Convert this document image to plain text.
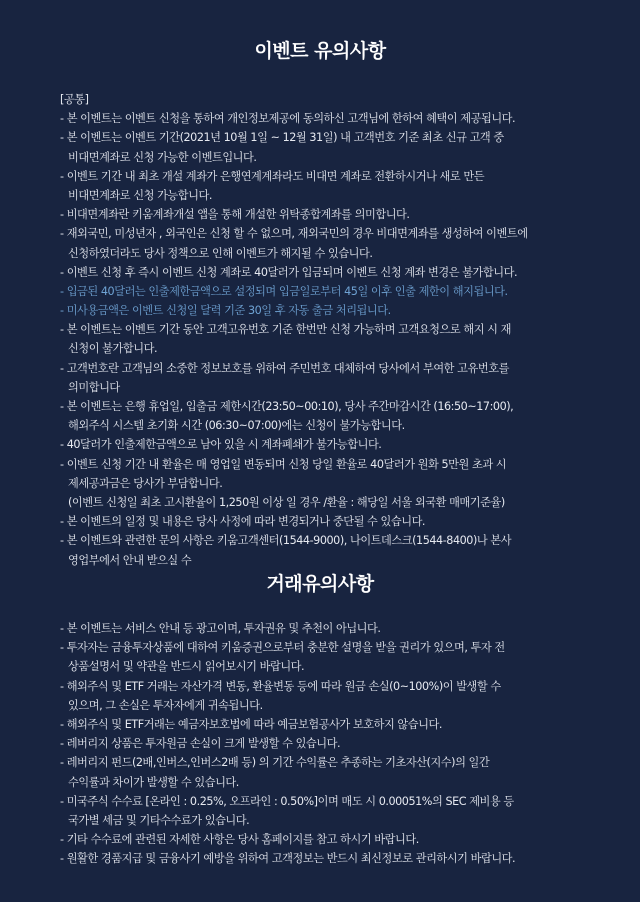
이벤트 유의사항
[공통]
- 본 이벤트는 이벤트 신청을 통하여 개인정보제공에 동의하신 고객님에 한하여 혜택이 제공됩니다.
- 본 이벤트는 이벤트 기간(2021년 10월 1일 ~ 12월 31일) 내 고객번호 기준 최초 신규 고객 중
비대면계좌로 신청 가능한 이벤트입니다.
- 이벤트 기간 내 최초 개설 계좌가 은행연계계좌라도 비대면 계좌로 전환하시거나 새로 만든
비대면계좌로 신청 가능합니다.
- 비대면계좌란 키움계좌개설 앱을 통해 개설한 위탁종합계좌를 의미합니다.
- 재외국민, 미성년자 , 외국인은 신청 할 수 없으며, 재외국민의 경우 비대면계좌를 생성하여 이벤트에
신청하였더라도 당사 정책으로 인해 이벤트가 해지될 수 있습니다.
- 이벤트 신청 후 즉시 이벤트 신청 계좌로 40달러가 입금되며 이벤트 신청 계좌 변경은 불가합니다.
- 입금된 40달러는 인출제한금액으로 설정되며 입금일로부터 45일 이후 인출 제한이 해지됩니다.
- 미사용금액은 이벤트 신청일 달력 기준 30일 후 자동 출금 처리됩니다.
- 본 이벤트는 이벤트 기간 동안 고객고유번호 기준 한번만 신청 가능하며 고객요청으로 해지 시 재
신청이 불가합니다.
- 고객번호란 고객님의 소중한 정보보호를 위하여 주민번호 대체하여 당사에서 부여한 고유번호를
의미합니다
- 본 이벤트는 은행 휴업일, 입출금 제한시간(23:50~00:10), 당사 주간마감시간 (16:50~17:00),
해외주식 시스템 초기화 시간 (06:30~07:00)에는 신청이 불가능합니다.
- 40달러가 인출제한금액으로 남아 있을 시 계좌폐쇄가 불가능합니다.
- 이벤트 신청 기간 내 환율은 매 영업일 변동되며 신청 당일 환율로 40달러가 원화 5만원 초과 시
제세공과금은 당사가 부담합니다.
(이벤트 신청일 최초 고시환율이 1,250원 이상 일 경우 /환율 : 해당일 서울 외국환 매매기준율)
- 본 이벤트의 일정 및 내용은 당사 사정에 따라 변경되거나 중단될 수 있습니다.
- 본 이벤트와 관련한 문의 사항은 키움고객센터(1544-9000), 나이트데스크(1544-8400)나 본사
영업부에서 안내 받으실 수
거래유의사항
- 본 이벤트는 서비스 안내 등 광고이며, 투자권유 및 추천이 아닙니다.
- 투자자는 금융투자상품에 대하여 키움증권으로부터 충분한 설명을 받을 권리가 있으며, 투자 전
상품설명서 및 약관을 반드시 읽어보시기 바랍니다.
- 해외주식 및 ETF 거래는 자산가격 변동, 환율변동 등에 따라 원금 손실(0~100%)이 발생할 수
있으며, 그 손실은 투자자에게 귀속됩니다.
- 해외주식 및 ETF거래는 예금자보호법에 따라 예금보험공사가 보호하지 않습니다.
- 레버리지 상품은 투자원금 손실이 크게 발생할 수 있습니다.
- 레버리지 펀드(2배,인버스,인버스2배 등) 의 기간 수익률은 추종하는 기초자산(지수)의 일간
수익률과 차이가 발생할 수 있습니다.
- 미국주식 수수료 [온라인 : 0.25%, 오프라인 : 0.50%]이며 매도 시 0.00051%의 SEC 제비용 등
국가별 세금 및 기타수수료가 있습니다.
- 기타 수수료에 관련된 자세한 사항은 당사 홈페이지를 참고 하시기 바랍니다.
- 원활한 경품지급 및 금융사기 예방을 위하여 고객정보는 반드시 최신정보로 관리하시기 바랍니다.
